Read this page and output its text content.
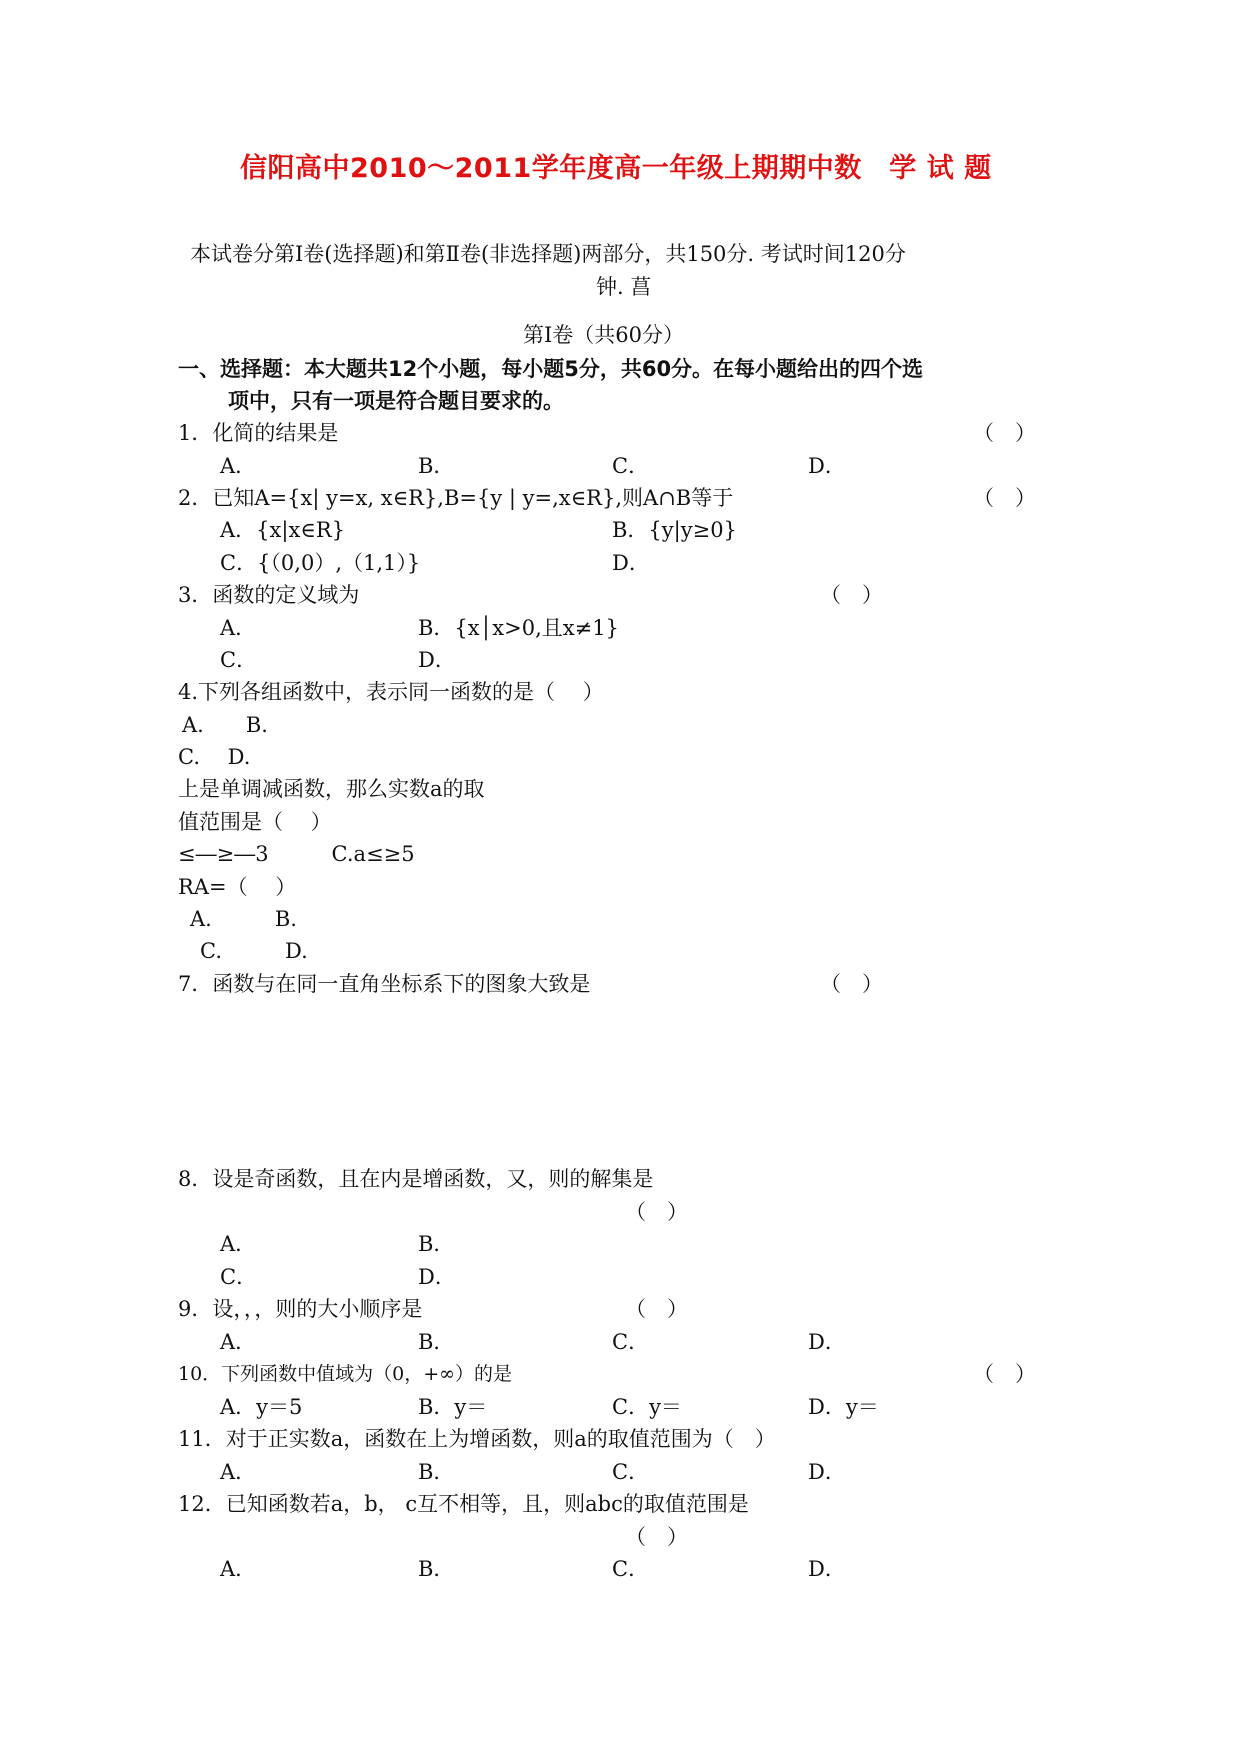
信阳高中2010～2011学年度高一年级上期期中数　学 试 题
本试卷分第Ⅰ卷(选择题)和第Ⅱ卷(非选择题)两部分，共150分. 考试时间120分
钟. 菖
第Ⅰ卷（共60分）
一、选择题：本大题共12个小题，每小题5分，共60分。在每小题给出的四个选
项中，只有一项是符合题目要求的。
1．化简的结果是	（　）
A．	B．	C．	D．
2．已知A={x| y=x, x∈R},B={y | y=,x∈R},则A∩B等于	（　）
A．{x|x∈R}	B．{y|y≥0}
C．{（0,0）,（1,1）}	D．
3．函数的定义域为	（　）
A．	B．{x│x>0,且x≠1}
C．	D．
4.下列各组函数中，表示同一函数的是（　 ）
A.　　B.
C.　 D.
上是单调减函数，那么实数a的取
值范围是（　 ）
≤―≥―3　　　C.a≤≥5
RA=（　 ）
A.　　　B.
C.　　　D.
7．函数与在同一直角坐标系下的图象大致是	（　）
8．设是奇函数，且在内是增函数，又，则的解集是
（　）
A．	B．
C．	D．
9．设，，，则的大小顺序是	（　）
A．	B．	C．	D．
10．下列函数中值域为（0，+∞）的是	（　）
A．y＝5	B．y＝	C．y＝	D．y＝
11．对于正实数a，函数在上为增函数，则a的取值范围为（　）
A．	B．	C．	D．
12．已知函数若a，b， c互不相等，且，则abc的取值范围是
（　）
A．	B．	C．	D．
